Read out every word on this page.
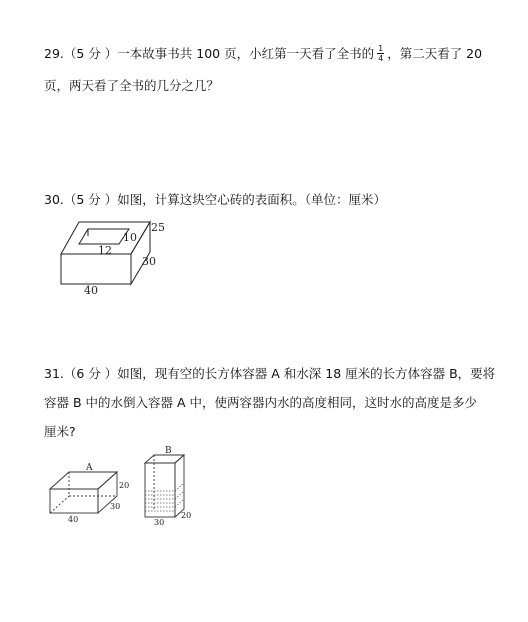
29.（5 分 ）一本故事书共 100 页，小红第一天看了全书的 $\frac{1}{4}$ ，第二天看了 20
页，两天看了全书的几分之几？
30.（5 分 ）如图，计算这块空心砖的表面积。（单位：厘米）
25
10
12
30
40
A
20
30
40
B
20
30
31.（6 分 ）如图，现有空的长方体容器 A 和水深 18 厘米的长方体容器 B，要将
容器 B 中的水倒入容器 A 中，使两容器内水的高度相同，这时水的高度是多少
厘米?
